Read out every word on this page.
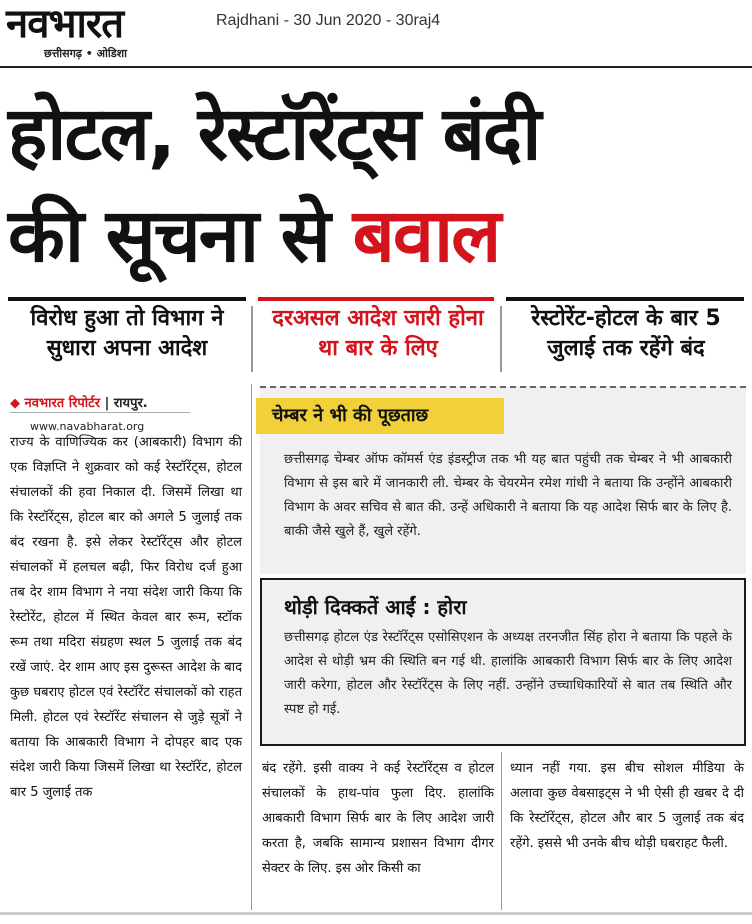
नवभारत
छत्तीसगढ़ • ओडिशा
Rajdhani - 30 Jun 2020 - 30raj4
होटल, रेस्टॉरेंट्स बंदी
की सूचना से बवाल
विरोध हुआ तो विभाग ने सुधारा अपना आदेश
दरअसल आदेश जारी होना था बार के लिए
रेस्टोरेंट-होटल के बार 5 जुलाई तक रहेंगे बंद
◆ नवभारत रिपोर्टर | रायपुर.
www.navabharat.org

राज्य के वाणिज्यिक कर (आबकारी) विभाग की एक विज्ञप्ति ने शुक्रवार को कई रेस्टॉरेंट्स, होटल संचालकों की हवा निकाल दी. जिसमें लिखा था कि रेस्टॉरेंट्स, होटल बार को अगले 5 जुलाई तक बंद रखना है. इसे लेकर रेस्टॉरेंट्स और होटल संचालकों में हलचल बढ़ी, फिर विरोध दर्ज हुआ तब देर शाम विभाग ने नया संदेश जारी किया कि रेस्टोरेंट, होटल में स्थित केवल बार रूम, स्टॉक रूम तथा मदिरा संग्रहण स्थल 5 जुलाई तक बंद रखें जाएं. देर शाम आए इस दुरूस्त आदेश के बाद कुछ घबराए होटल एवं रेस्टॉरेंट संचालकों को राहत मिली. होटल एवं रेस्टॉरेंट संचालन से जुड़े सूत्रों ने बताया कि आबकारी विभाग ने दोपहर बाद एक संदेश जारी किया जिसमें लिखा था रेस्टॉरेंट, होटल बार 5 जुलाई तक

चेम्बर ने भी की पूछताछ
छत्तीसगढ़ चेम्बर ऑफ कॉमर्स एंड इंडस्ट्रीज तक भी यह बात पहुंची तक चेम्बर ने भी आबकारी विभाग से इस बारे में जानकारी ली. चेम्बर के चेयरमेन रमेश गांधी ने बताया कि उन्होंने आबकारी विभाग के अवर सचिव से बात की. उन्हें अधिकारी ने बताया कि यह आदेश सिर्फ बार के लिए है. बाकी जैसे खुले हैं, खुले रहेंगे.
थोड़ी दिक्कतें आईं : होरा
छत्तीसगढ़ होटल एंड रेस्टॉरेंट्स एसोसिएशन के अध्यक्ष तरनजीत सिंह होरा ने बताया कि पहले के आदेश से थोड़ी भ्रम की स्थिति बन गई थी. हालांकि आबकारी विभाग सिर्फ बार के लिए आदेश जारी करेगा, होटल और रेस्टॉरेंट्स के लिए नहीं. उन्होंने उच्चाधिकारियों से बात तब स्थिति और स्पष्ट हो गई.

बंद रहेंगे. इसी वाक्य ने कई रेस्टॉरेंट्स व होटल संचालकों के हाथ-पांव फुला दिए. हालांकि आबकारी विभाग सिर्फ बार के लिए आदेश जारी करता है, जबकि सामान्य प्रशासन विभाग दीगर सेक्टर के लिए. इस ओर किसी का

ध्यान नहीं गया. इस बीच सोशल मीडिया के अलावा कुछ वेबसाइट्स ने भी ऐसी ही खबर दे दी कि रेस्टॉरेंट्स, होटल और बार 5 जुलाई तक बंद रहेंगे. इससे भी उनके बीच थोड़ी घबराहट फैली.
